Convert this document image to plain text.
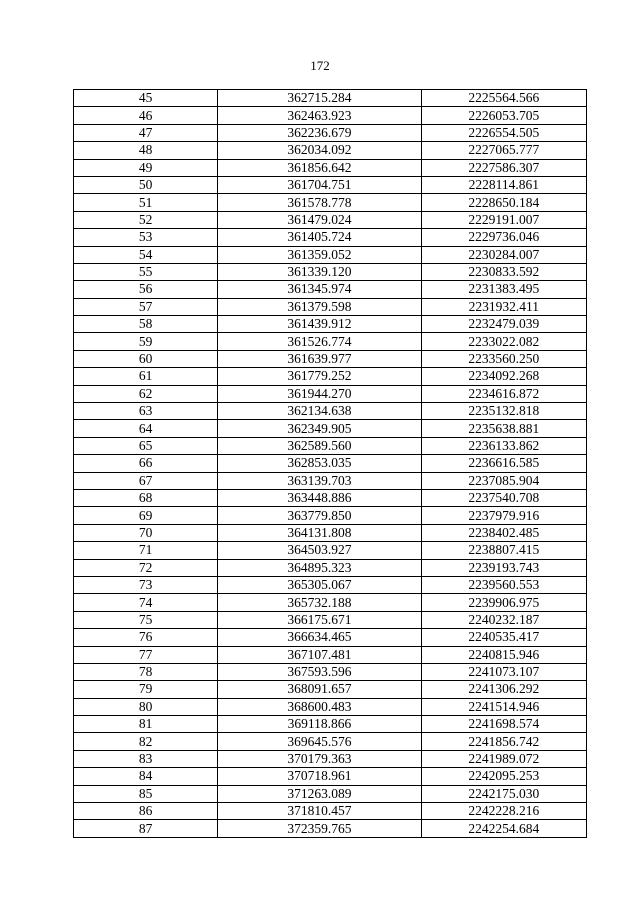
172
45	362715.284	2225564.566
46	362463.923	2226053.705
47	362236.679	2226554.505
48	362034.092	2227065.777
49	361856.642	2227586.307
50	361704.751	2228114.861
51	361578.778	2228650.184
52	361479.024	2229191.007
53	361405.724	2229736.046
54	361359.052	2230284.007
55	361339.120	2230833.592
56	361345.974	2231383.495
57	361379.598	2231932.411
58	361439.912	2232479.039
59	361526.774	2233022.082
60	361639.977	2233560.250
61	361779.252	2234092.268
62	361944.270	2234616.872
63	362134.638	2235132.818
64	362349.905	2235638.881
65	362589.560	2236133.862
66	362853.035	2236616.585
67	363139.703	2237085.904
68	363448.886	2237540.708
69	363779.850	2237979.916
70	364131.808	2238402.485
71	364503.927	2238807.415
72	364895.323	2239193.743
73	365305.067	2239560.553
74	365732.188	2239906.975
75	366175.671	2240232.187
76	366634.465	2240535.417
77	367107.481	2240815.946
78	367593.596	2241073.107
79	368091.657	2241306.292
80	368600.483	2241514.946
81	369118.866	2241698.574
82	369645.576	2241856.742
83	370179.363	2241989.072
84	370718.961	2242095.253
85	371263.089	2242175.030
86	371810.457	2242228.216
87	372359.765	2242254.684
